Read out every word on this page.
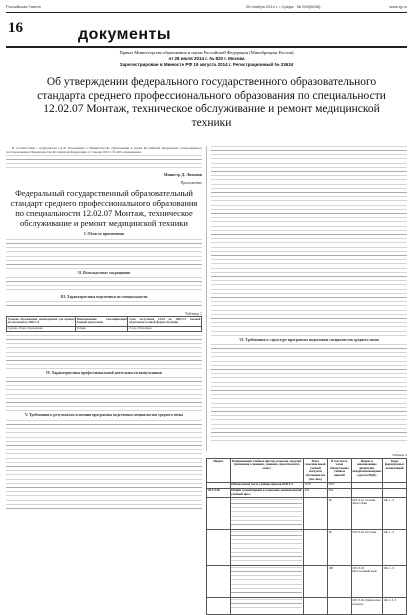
Российская Газета	26 ноября 2014 г. • Среда № 269(6538)	www.rg.ru
16	документы
Приказ Министерства образования и науки Российской Федерации (Минобрнауки России)
от 28 июля 2014 г. № 820 г. Москва
Зарегистрирован в Минюсте РФ 19 августа 2014 г. Регистрационный № 33634
Об утверждении федерального государственного образовательного стандарта среднего профессионального образования по специальности 12.02.07 Монтаж, техническое обслуживание и ремонт медицинской техники

В соответствии с подпунктом 5.2.41 Положения о Министерстве образования и науки Российской Федерации, утвержденного постановлением Правительства Российской Федерации от 3 июня 2013 г. № 466, приказываю:

Министр Д. Ливанов
Приложение
Федеральный государственный образовательный стандарт среднего профессионального образования по специальности 12.02.07 Монтаж, техническое обслуживание и ремонт медицинской техники
I. Область применения
II. Используемые сокращения
III. Характеристика подготовки по специальности
Таблица 1
Уровень образования, необходимый для приема на обучение по ППССЗ	Наименование квалификации базовой подготовки	Срок получения СПО по ППССЗ базовой подготовки в очной форме обучения
среднее общее образование	Техник	2 года 10 месяцев
IV. Характеристика профессиональной деятельности выпускников
V. Требования к результатам освоения программы подготовки специалистов среднего звена
VI. Требования к структуре программы подготовки специалистов среднего звена
Таблица 3
Индекс	Наименование учебных циклов, разделов, модулей, требования к знаниям, умениям, практическому опыту	Всего максимальной учебной нагрузки обучающегося (час./нед.)	В том числе часов обязательных учебных занятий	Индекс и наименование дисциплин, междисциплинарных курсов (МДК)	Коды формируемых компетенций
	Обязательная часть учебных циклов ППССЗ	3078	2052		
ОГСЭ.00	Общий гуманитарный и социально-экономический учебный цикл	456	304		

		48	ОГСЭ.01. Основы философии	ОК 1 - 9

		48	ОГСЭ.02. История	ОК 1 - 9

		168	ОГСЭ.03. Иностранный язык	ОК 1 - 9

			ОГСЭ.04. Физическая культура	ОК 2, 3, 6
